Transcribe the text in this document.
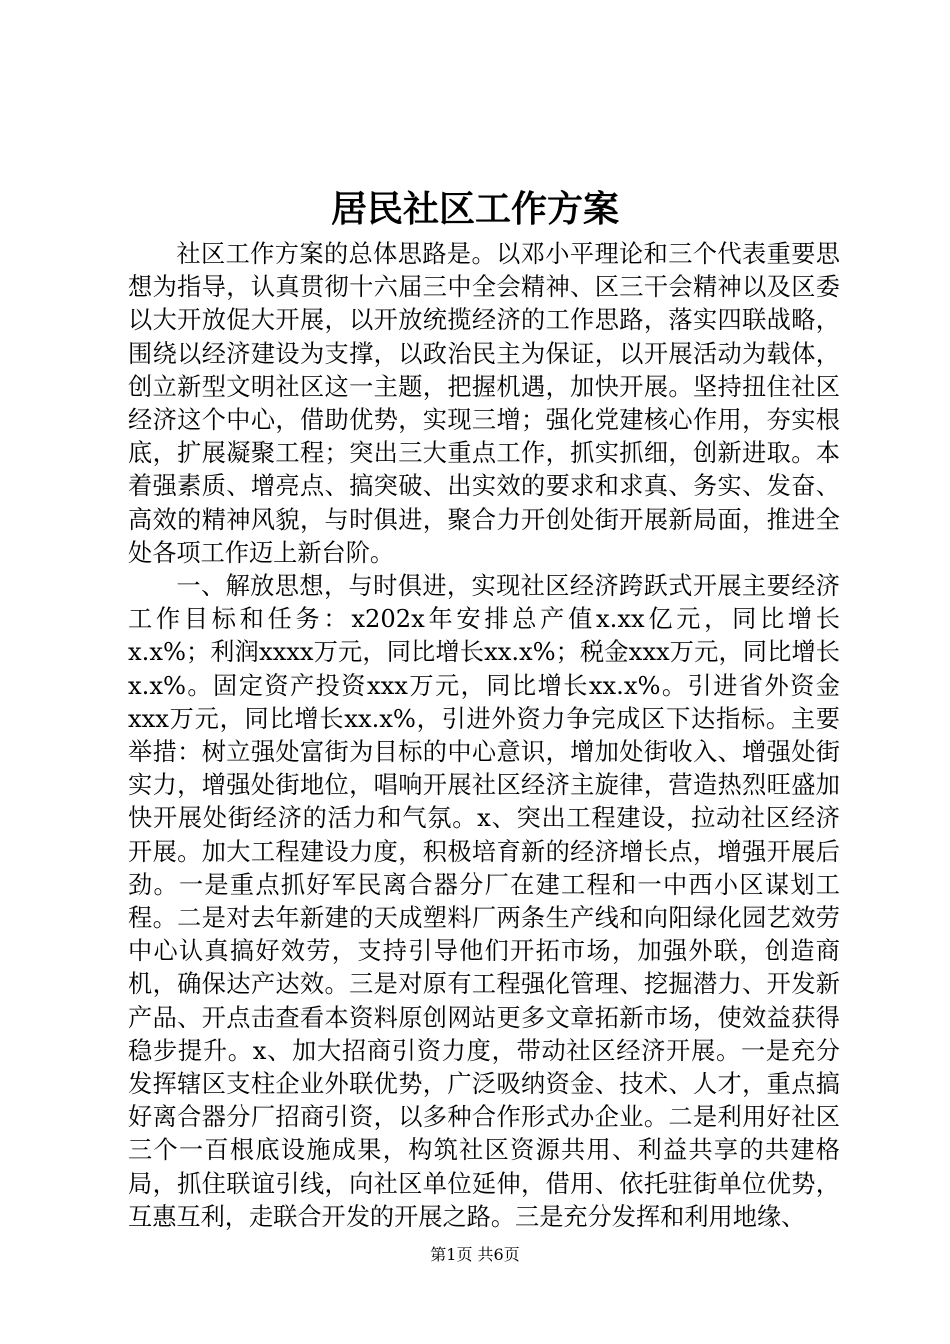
居民社区工作方案

社区工作方案的总体思路是。以邓小平理论和三个代表重要思想为指导，认真贯彻十六届三中全会精神、区三干会精神以及区委以大开放促大开展，以开放统揽经济的工作思路，落实四联战略，围绕以经济建设为支撑，以政治民主为保证，以开展活动为载体，创立新型文明社区这一主题，把握机遇，加快开展。坚持扭住社区经济这个中心，借助优势，实现三增；强化党建核心作用，夯实根底，扩展凝聚工程；突出三大重点工作，抓实抓细，创新进取。本着强素质、增亮点、搞突破、出实效的要求和求真、务实、发奋、高效的精神风貌，与时俱进，聚合力开创处街开展新局面，推进全处各项工作迈上新台阶。

一、解放思想，与时俱进，实现社区经济跨跃式开展主要经济工作目标和任务：x202x年安排总产值x.xx亿元，同比增长x.x%；利润xxxx万元，同比增长xx.x%；税金xxx万元，同比增长x.x%。固定资产投资xxx万元，同比增长xx.x%。引进省外资金xxx万元，同比增长xx.x%，引进外资力争完成区下达指标。主要举措：树立强处富街为目标的中心意识，增加处街收入、增强处街实力，增强处街地位，唱响开展社区经济主旋律，营造热烈旺盛加快开展处街经济的活力和气氛。x、突出工程建设，拉动社区经济开展。加大工程建设力度，积极培育新的经济增长点，增强开展后劲。一是重点抓好军民离合器分厂在建工程和一中西小区谋划工程。二是对去年新建的天成塑料厂两条生产线和向阳绿化园艺效劳中心认真搞好效劳，支持引导他们开拓市场，加强外联，创造商机，确保达产达效。三是对原有工程强化管理、挖掘潜力、开发新产品、开点击查看本资料原创网站更多文章拓新市场，使效益获得稳步提升。x、加大招商引资力度，带动社区经济开展。一是充分发挥辖区支柱企业外联优势，广泛吸纳资金、技术、人才，重点搞好离合器分厂招商引资，以多种合作形式办企业。二是利用好社区三个一百根底设施成果，构筑社区资源共用、利益共享的共建格局，抓住联谊引线，向社区单位延伸，借用、依托驻街单位优势，互惠互利，走联合开发的开展之路。三是充分发挥和利用地缘、

第1页 共6页
